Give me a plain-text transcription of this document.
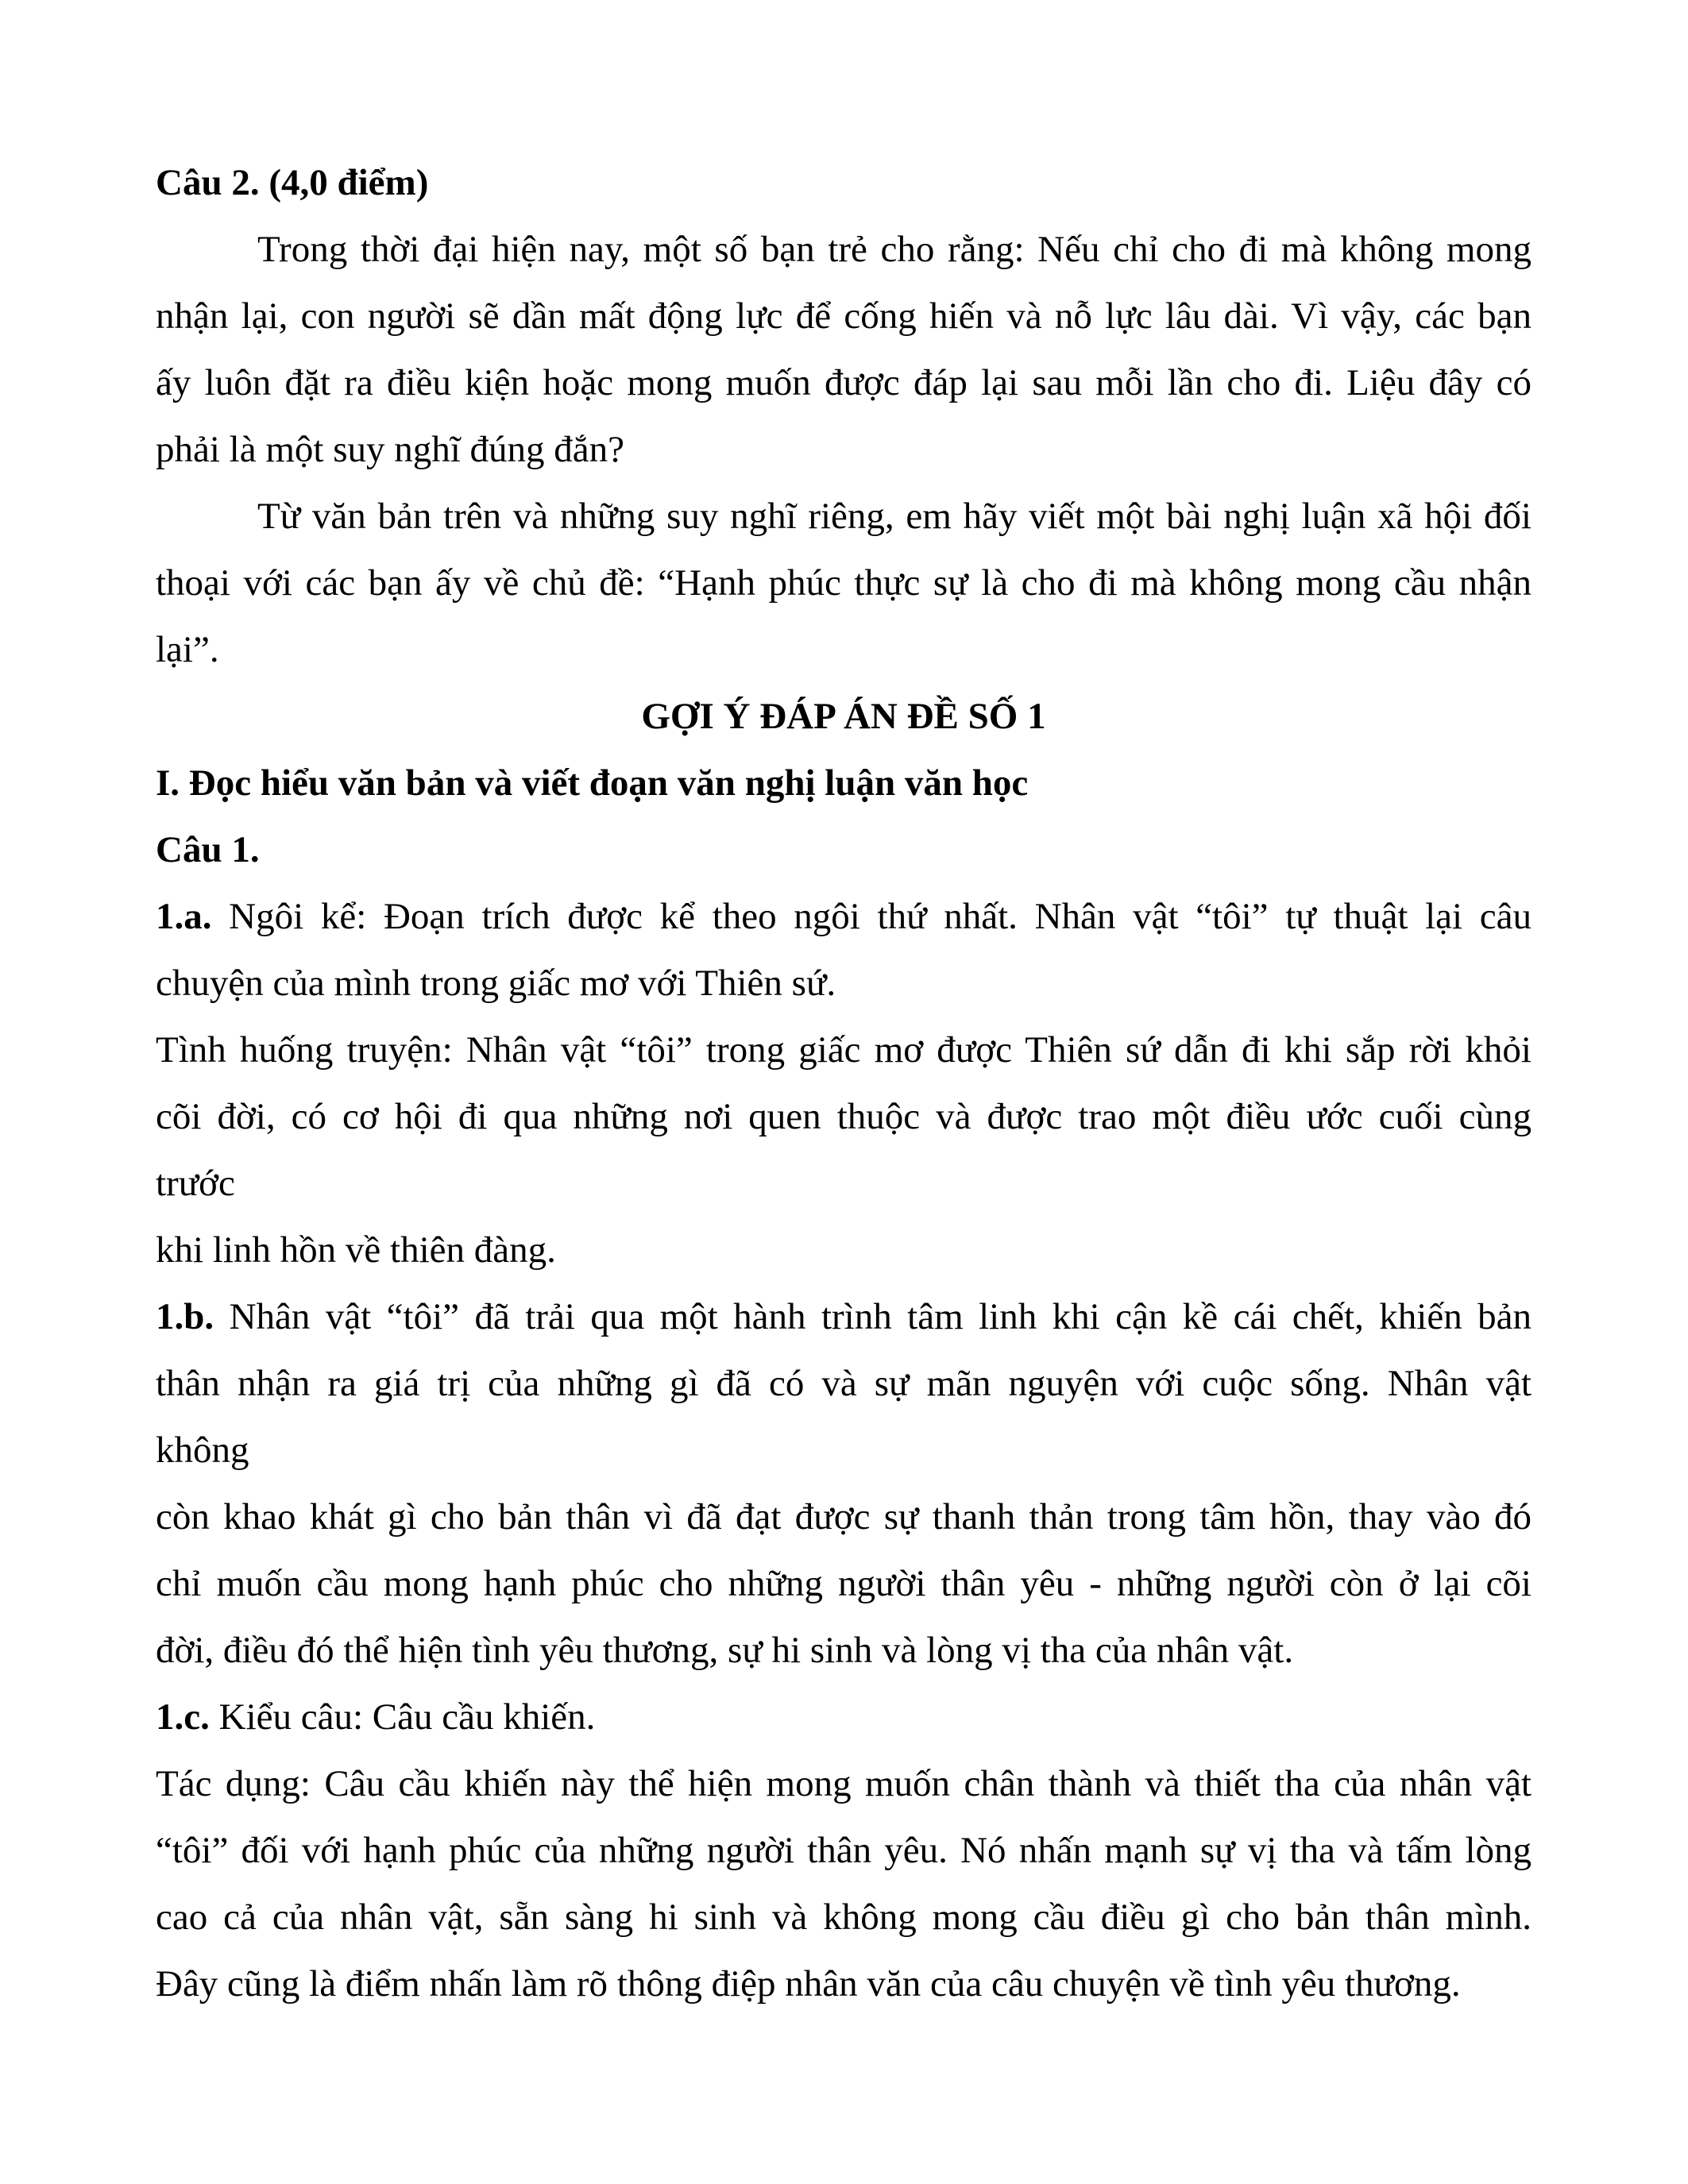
Câu 2. (4,0 điểm)
Trong thời đại hiện nay, một số bạn trẻ cho rằng: Nếu chỉ cho đi mà không mong
nhận lại, con người sẽ dần mất động lực để cống hiến và nỗ lực lâu dài. Vì vậy, các bạn
ấy luôn đặt ra điều kiện hoặc mong muốn được đáp lại sau mỗi lần cho đi. Liệu đây có
phải là một suy nghĩ đúng đắn?
Từ văn bản trên và những suy nghĩ riêng, em hãy viết một bài nghị luận xã hội đối
thoại với các bạn ấy về chủ đề: “Hạnh phúc thực sự là cho đi mà không mong cầu nhận
lại”.
GỢI Ý ĐÁP ÁN ĐỀ SỐ 1
I. Đọc hiểu văn bản và viết đoạn văn nghị luận văn học
Câu 1.
1.a. Ngôi kể: Đoạn trích được kể theo ngôi thứ nhất. Nhân vật “tôi” tự thuật lại câu
chuyện của mình trong giấc mơ với Thiên sứ.
Tình huống truyện: Nhân vật “tôi” trong giấc mơ được Thiên sứ dẫn đi khi sắp rời khỏi
cõi đời, có cơ hội đi qua những nơi quen thuộc và được trao một điều ước cuối cùng
trước
khi linh hồn về thiên đàng.
1.b. Nhân vật “tôi” đã trải qua một hành trình tâm linh khi cận kề cái chết, khiến bản
thân nhận ra giá trị của những gì đã có và sự mãn nguyện với cuộc sống. Nhân vật
không
còn khao khát gì cho bản thân vì đã đạt được sự thanh thản trong tâm hồn, thay vào đó
chỉ muốn cầu mong hạnh phúc cho những người thân yêu - những người còn ở lại cõi
đời, điều đó thể hiện tình yêu thương, sự hi sinh và lòng vị tha của nhân vật.
1.c. Kiểu câu: Câu cầu khiến.
Tác dụng: Câu cầu khiến này thể hiện mong muốn chân thành và thiết tha của nhân vật
“tôi” đối với hạnh phúc của những người thân yêu. Nó nhấn mạnh sự vị tha và tấm lòng
cao cả của nhân vật, sẵn sàng hi sinh và không mong cầu điều gì cho bản thân mình.
Đây cũng là điểm nhấn làm rõ thông điệp nhân văn của câu chuyện về tình yêu thương.
